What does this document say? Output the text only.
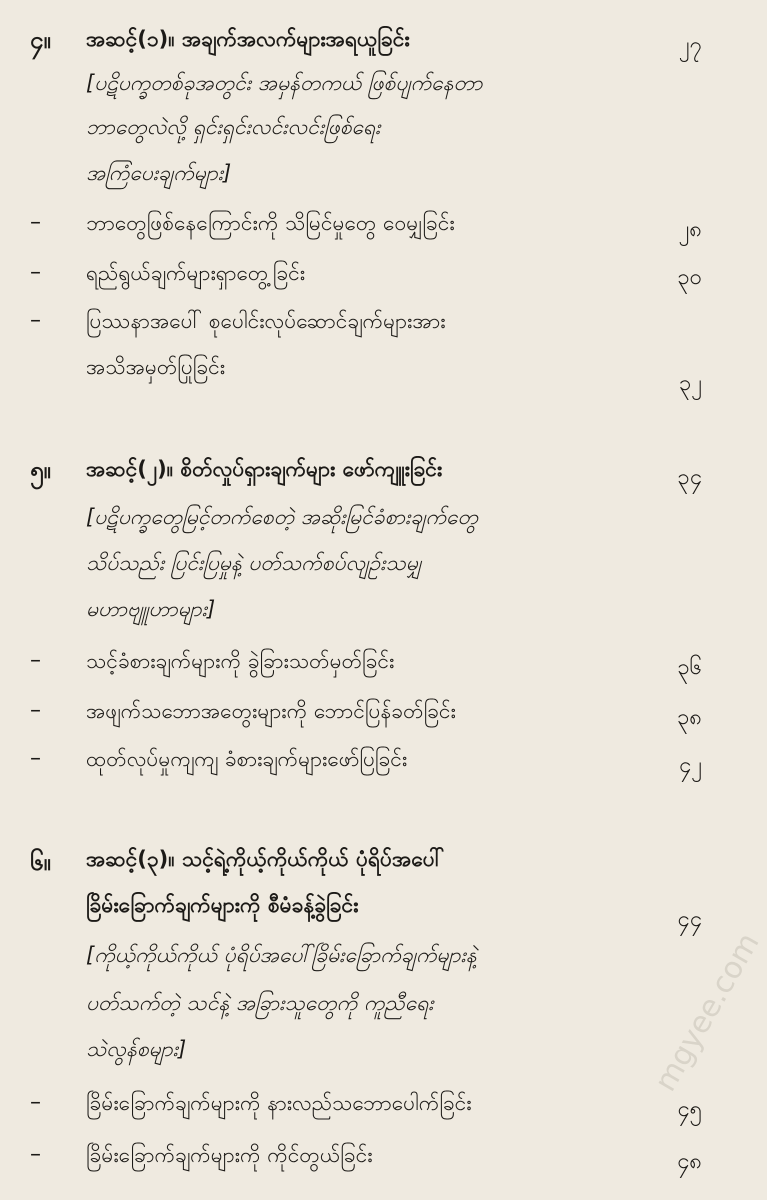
၄။ အဆင့်(၁)။ အချက်အလက်များအရယူခြင်း	၂၇
[ပဋိပက္ခတစ်ခုအတွင်း အမှန်တကယ် ဖြစ်ပျက်နေတာ
ဘာတွေလဲလို့ ရှင်းရှင်းလင်းလင်းဖြစ်ရေး
အကြံပေးချက်များ]
– ဘာတွေဖြစ်နေကြောင်းကို သိမြင်မှုတွေ ဝေမျှခြင်း	၂၈
– ရည်ရွယ်ချက်များရှာတွေ့ခြင်း	၃၀
– ပြဿနာအပေါ် စုပေါင်းလုပ်ဆောင်ချက်များအား
အသိအမှတ်ပြုခြင်း
၃၂
၅။ အဆင့်(၂)။ စိတ်လှုပ်ရှားချက်များ ဖော်ကျူးခြင်း	၃၄
[ပဋိပက္ခတွေမြင့်တက်စေတဲ့ အဆိုးမြင်ခံစားချက်တွေ
သိပ်သည်း ပြင်းပြမှုနဲ့ ပတ်သက်စပ်လျဉ်းသမျှ
မဟာဗျူဟာများ]
– သင့်ခံစားချက်များကို ခွဲခြားသတ်မှတ်ခြင်း	၃၆
– အဖျက်သဘောအတွေးများကို ဘောင်ပြန်ခတ်ခြင်း	၃၈
– ထုတ်လုပ်မှုကျကျ ခံစားချက်များဖော်ပြခြင်း	၄၂
၆။ အဆင့်(၃)။ သင့်ရဲ့ကိုယ့်ကိုယ်ကိုယ် ပုံရိပ်အပေါ်
ခြိမ်းခြောက်ချက်များကို စီမံခန့်ခွဲခြင်း
၄၄
[ကိုယ့်ကိုယ်ကိုယ် ပုံရိပ်အပေါ်ခြိမ်းခြောက်ချက်များနဲ့
ပတ်သက်တဲ့ သင်နဲ့ အခြားသူတွေကို ကူညီရေး
သဲလွန်စများ]
– ခြိမ်းခြောက်ချက်များကို နားလည်သဘောပေါက်ခြင်း	၄၅
– ခြိမ်းခြောက်ချက်များကို ကိုင်တွယ်ခြင်း	၄၈
mgyee.com
